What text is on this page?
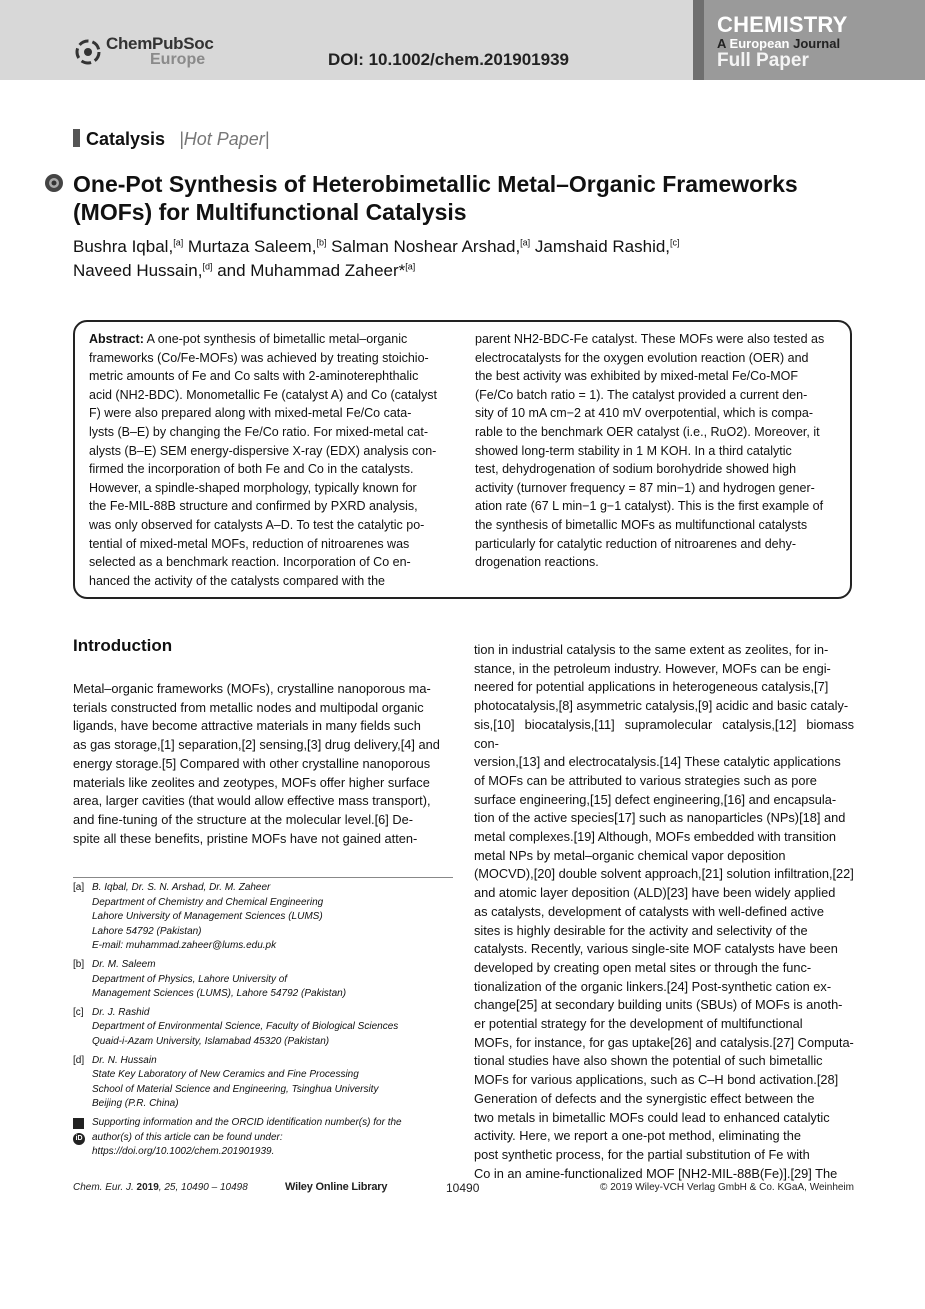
ChemPubSoc
Europe	DOI: 10.1002/chem.201901939
CHEMISTRY
A European Journal
Full Paper
Catalysis |Hot Paper|
One-Pot Synthesis of Heterobimetallic Metal–Organic Frameworks (MOFs) for Multifunctional Catalysis
Bushra Iqbal,[a] Murtaza Saleem,[b] Salman Noshear Arshad,[a] Jamshaid Rashid,[c]
Naveed Hussain,[d] and Muhammad Zaheer*[a]
Abstract: A one-pot synthesis of bimetallic metal–organic
frameworks (Co/Fe-MOFs) was achieved by treating stoichio-
metric amounts of Fe and Co salts with 2-aminoterephthalic
acid (NH2-BDC). Monometallic Fe (catalyst A) and Co (catalyst
F) were also prepared along with mixed-metal Fe/Co cata-
lysts (B–E) by changing the Fe/Co ratio. For mixed-metal cat-
alysts (B–E) SEM energy-dispersive X-ray (EDX) analysis con-
firmed the incorporation of both Fe and Co in the catalysts.
However, a spindle-shaped morphology, typically known for
the Fe-MIL-88B structure and confirmed by PXRD analysis,
was only observed for catalysts A–D. To test the catalytic po-
tential of mixed-metal MOFs, reduction of nitroarenes was
selected as a benchmark reaction. Incorporation of Co en-
hanced the activity of the catalysts compared with the
parent NH2-BDC-Fe catalyst. These MOFs were also tested as
electrocatalysts for the oxygen evolution reaction (OER) and
the best activity was exhibited by mixed-metal Fe/Co-MOF
(Fe/Co batch ratio = 1). The catalyst provided a current den-
sity of 10 mA cm−2 at 410 mV overpotential, which is compa-
rable to the benchmark OER catalyst (i.e., RuO2). Moreover, it
showed long-term stability in 1 M KOH. In a third catalytic
test, dehydrogenation of sodium borohydride showed high
activity (turnover frequency = 87 min−1) and hydrogen gener-
ation rate (67 L min−1 g−1 catalyst). This is the first example of
the synthesis of bimetallic MOFs as multifunctional catalysts
particularly for catalytic reduction of nitroarenes and dehy-
drogenation reactions.
Introduction
Metal–organic frameworks (MOFs), crystalline nanoporous ma-
terials constructed from metallic nodes and multipodal organic
ligands, have become attractive materials in many fields such
as gas storage,[1] separation,[2] sensing,[3] drug delivery,[4] and
energy storage.[5] Compared with other crystalline nanoporous
materials like zeolites and zeotypes, MOFs offer higher surface
area, larger cavities (that would allow effective mass transport),
and fine-tuning of the structure at the molecular level.[6] De-
spite all these benefits, pristine MOFs have not gained atten-
tion in industrial catalysis to the same extent as zeolites, for in-
stance, in the petroleum industry. However, MOFs can be engi-
neered for potential applications in heterogeneous catalysis,[7]
photocatalysis,[8] asymmetric catalysis,[9] acidic and basic cataly-
sis,[10] biocatalysis,[11] supramolecular catalysis,[12] biomass con-
version,[13] and electrocatalysis.[14] These catalytic applications
of MOFs can be attributed to various strategies such as pore
surface engineering,[15] defect engineering,[16] and encapsula-
tion of the active species[17] such as nanoparticles (NPs)[18] and
metal complexes.[19] Although, MOFs embedded with transition
metal NPs by metal–organic chemical vapor deposition
(MOCVD),[20] double solvent approach,[21] solution infiltration,[22]
and atomic layer deposition (ALD)[23] have been widely applied
as catalysts, development of catalysts with well-defined active
sites is highly desirable for the activity and selectivity of the
catalysts. Recently, various single-site MOF catalysts have been
developed by creating open metal sites or through the func-
tionalization of the organic linkers.[24] Post-synthetic cation ex-
change[25] at secondary building units (SBUs) of MOFs is anoth-
er potential strategy for the development of multifunctional
MOFs, for instance, for gas uptake[26] and catalysis.[27] Computa-
tional studies have also shown the potential of such bimetallic
MOFs for various applications, such as C–H bond activation.[28]
Generation of defects and the synergistic effect between the
two metals in bimetallic MOFs could lead to enhanced catalytic
activity. Here, we report a one-pot method, eliminating the
post synthetic process, for the partial substitution of Fe with
Co in an amine-functionalized MOF [NH2-MIL-88B(Fe)].[29] The
[a] B. Iqbal, Dr. S. N. Arshad, Dr. M. Zaheer
Department of Chemistry and Chemical Engineering
Lahore University of Management Sciences (LUMS)
Lahore 54792 (Pakistan)
E-mail: muhammad.zaheer@lums.edu.pk
[b] Dr. M. Saleem
Department of Physics, Lahore University of
Management Sciences (LUMS), Lahore 54792 (Pakistan)
[c] Dr. J. Rashid
Department of Environmental Science, Faculty of Biological Sciences
Quaid-i-Azam University, Islamabad 45320 (Pakistan)
[d] Dr. N. Hussain
State Key Laboratory of New Ceramics and Fine Processing
School of Material Science and Engineering, Tsinghua University
Beijing (P.R. China)
iD
Supporting information and the ORCID identification number(s) for the
author(s) of this article can be found under:
https://doi.org/10.1002/chem.201901939.
Chem. Eur. J. 2019, 25, 10490 – 10498	Wiley Online Library	10490	© 2019 Wiley-VCH Verlag GmbH & Co. KGaA, Weinheim
